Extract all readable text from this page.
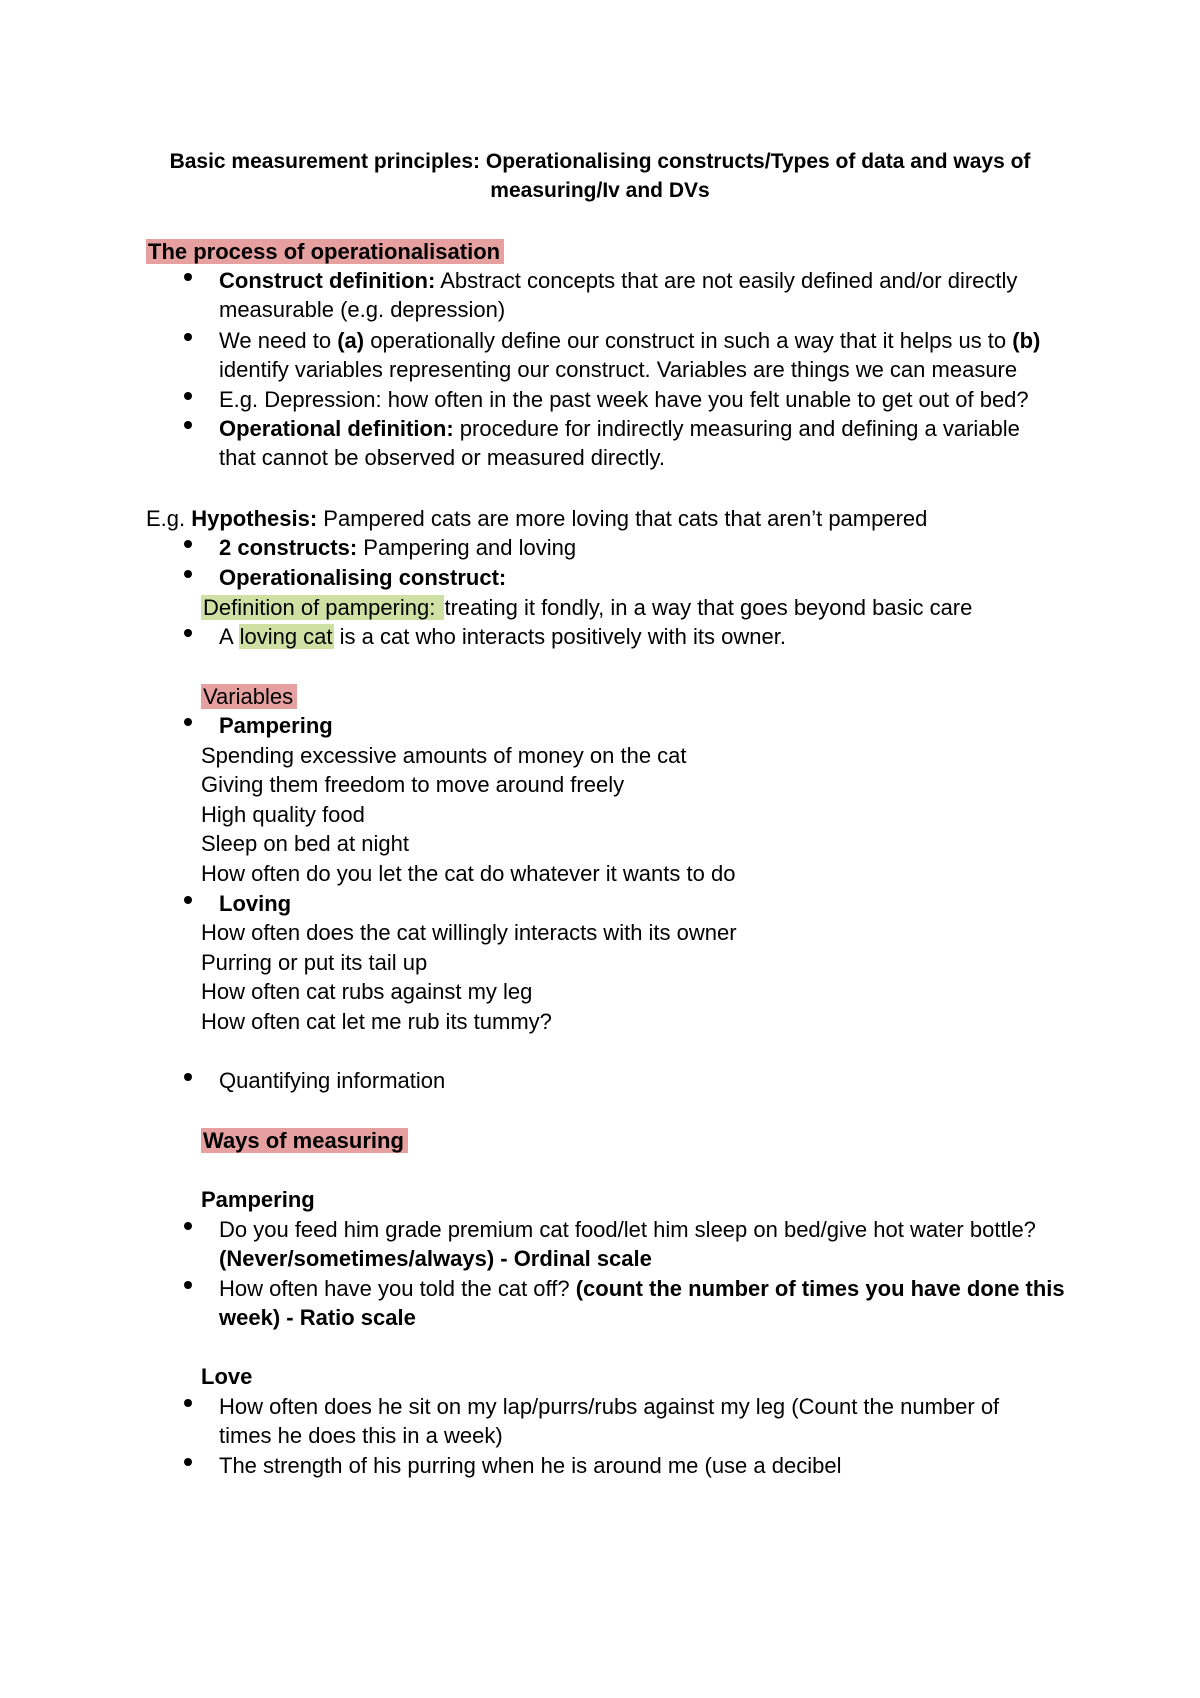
Basic measurement principles: Operationalising constructs/Types of data and ways of
measuring/Iv and DVs
The process of operationalisation
Construct definition: Abstract concepts that are not easily defined and/or directly
measurable (e.g. depression)
We need to (a) operationally define our construct in such a way that it helps us to (b)
identify variables representing our construct. Variables are things we can measure
E.g. Depression: how often in the past week have you felt unable to get out of bed?
Operational definition: procedure for indirectly measuring and defining a variable
that cannot be observed or measured directly.
E.g. Hypothesis: Pampered cats are more loving that cats that aren’t pampered
2 constructs: Pampering and loving
Operationalising construct:
Definition of pampering: treating it fondly, in a way that goes beyond basic care
A loving cat is a cat who interacts positively with its owner.
Variables
Pampering
Spending excessive amounts of money on the cat
Giving them freedom to move around freely
High quality food
Sleep on bed at night
How often do you let the cat do whatever it wants to do
Loving
How often does the cat willingly interacts with its owner
Purring or put its tail up
How often cat rubs against my leg
How often cat let me rub its tummy?
Quantifying information
Ways of measuring
Pampering
Do you feed him grade premium cat food/let him sleep on bed/give hot water bottle?
(Never/sometimes/always) - Ordinal scale
How often have you told the cat off? (count the number of times you have done this
week) - Ratio scale
Love
How often does he sit on my lap/purrs/rubs against my leg (Count the number of
times he does this in a week)
The strength of his purring when he is around me (use a decibel
